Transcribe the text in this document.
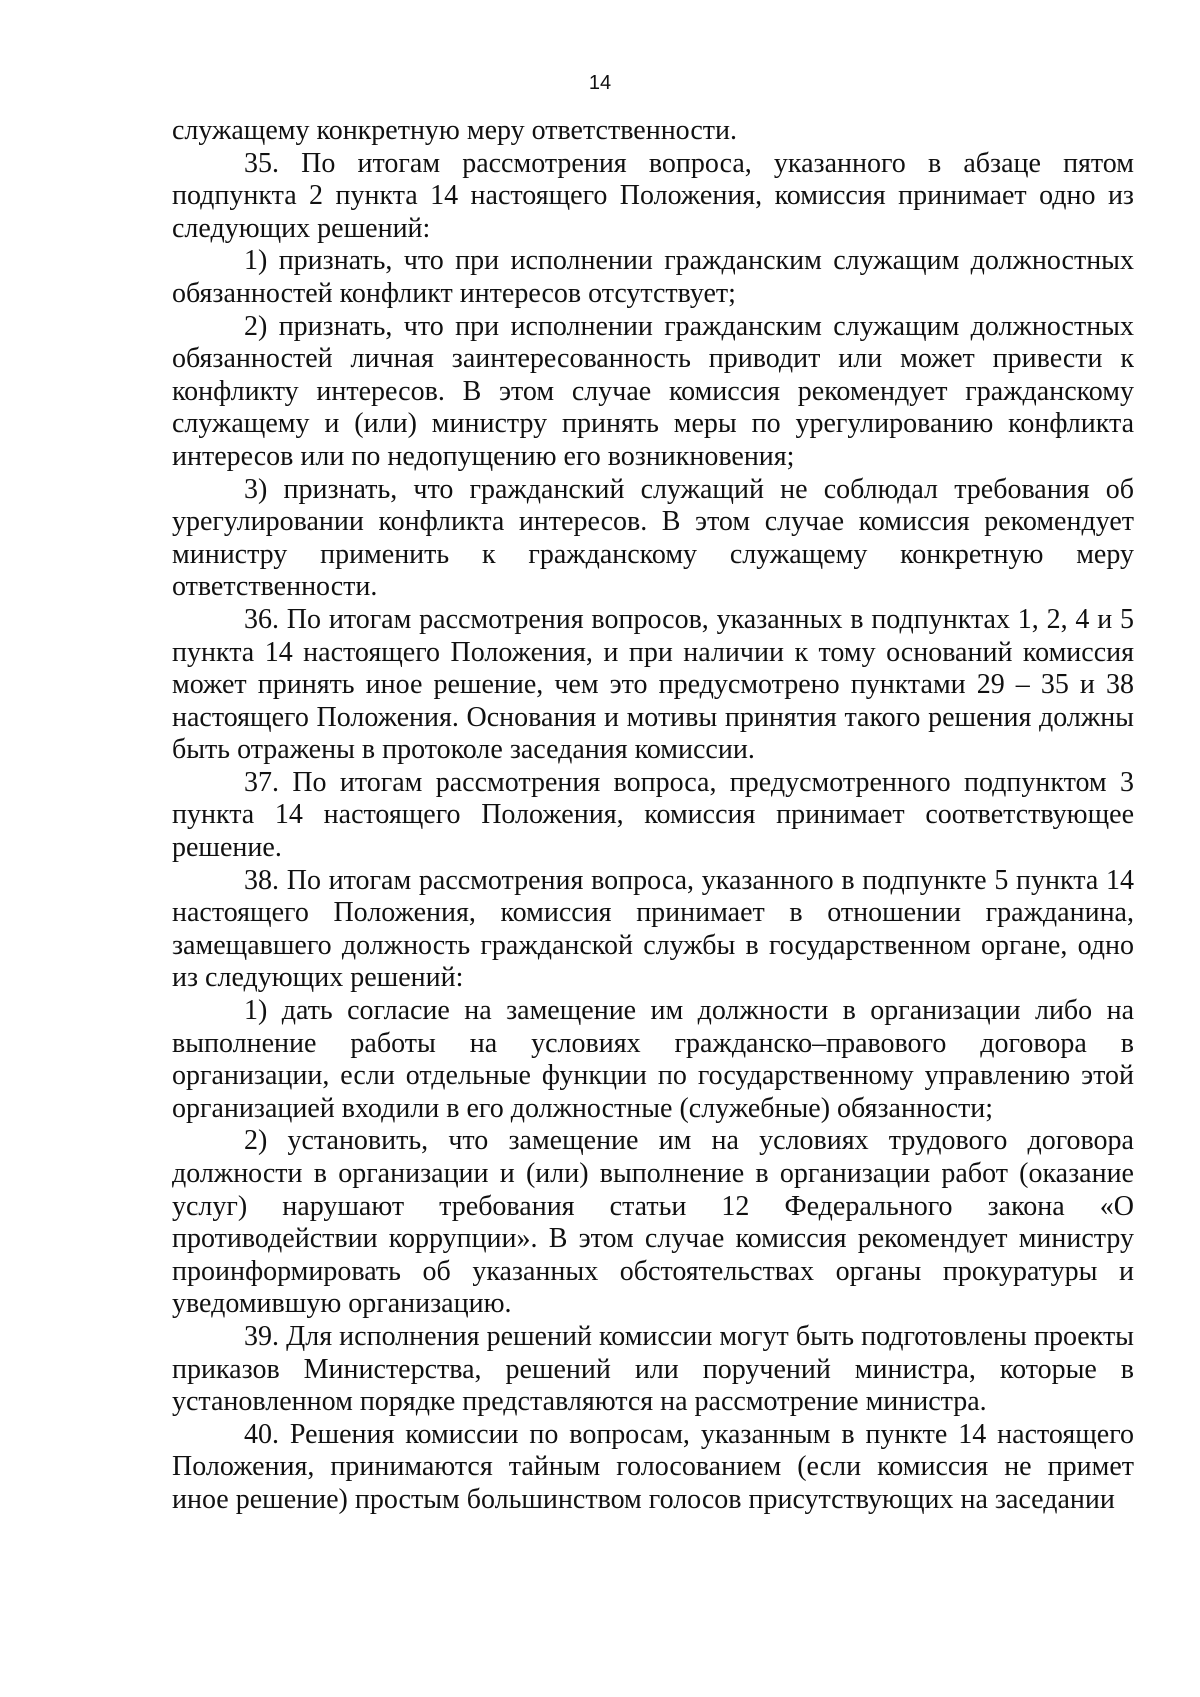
14

служащему конкретную меру ответственности.

35. По итогам рассмотрения вопроса, указанного в абзаце пятом подпункта 2 пункта 14 настоящего Положения, комиссия принимает одно из следующих решений:

1) признать, что при исполнении гражданским служащим должностных обязанностей конфликт интересов отсутствует;

2) признать, что при исполнении гражданским служащим должностных обязанностей личная заинтересованность приводит или может привести к конфликту интересов. В этом случае комиссия рекомендует гражданскому служащему и (или) министру принять меры по урегулированию конфликта интересов или по недопущению его возникновения;

3) признать, что гражданский служащий не соблюдал требования об урегулировании конфликта интересов. В этом случае комиссия рекомендует министру применить к гражданскому служащему конкретную меру ответственности.

36. По итогам рассмотрения вопросов, указанных в подпунктах 1, 2, 4 и 5 пункта 14 настоящего Положения, и при наличии к тому оснований комиссия может принять иное решение, чем это предусмотрено пунктами 29 – 35 и 38 настоящего Положения. Основания и мотивы принятия такого решения должны быть отражены в протоколе заседания комиссии.

37. По итогам рассмотрения вопроса, предусмотренного подпунктом 3 пункта 14 настоящего Положения, комиссия принимает соответствующее решение.

38. По итогам рассмотрения вопроса, указанного в подпункте 5 пункта 14 настоящего Положения, комиссия принимает в отношении гражданина, замещавшего должность гражданской службы в государственном органе, одно из следующих решений:

1) дать согласие на замещение им должности в организации либо на выполнение работы на условиях гражданско–правового договора в организации, если отдельные функции по государственному управлению этой организацией входили в его должностные (служебные) обязанности;

2) установить, что замещение им на условиях трудового договора должности в организации и (или) выполнение в организации работ (оказание услуг) нарушают требования статьи 12 Федерального закона «О противодействии коррупции». В этом случае комиссия рекомендует министру проинформировать об указанных обстоятельствах органы прокуратуры и уведомившую организацию.

39. Для исполнения решений комиссии могут быть подготовлены проекты приказов Министерства, решений или поручений министра, которые в установленном порядке представляются на рассмотрение министра.

40. Решения комиссии по вопросам, указанным в пункте 14 настоящего Положения, принимаются тайным голосованием (если комиссия не примет иное решение) простым большинством голосов присутствующих на заседании
